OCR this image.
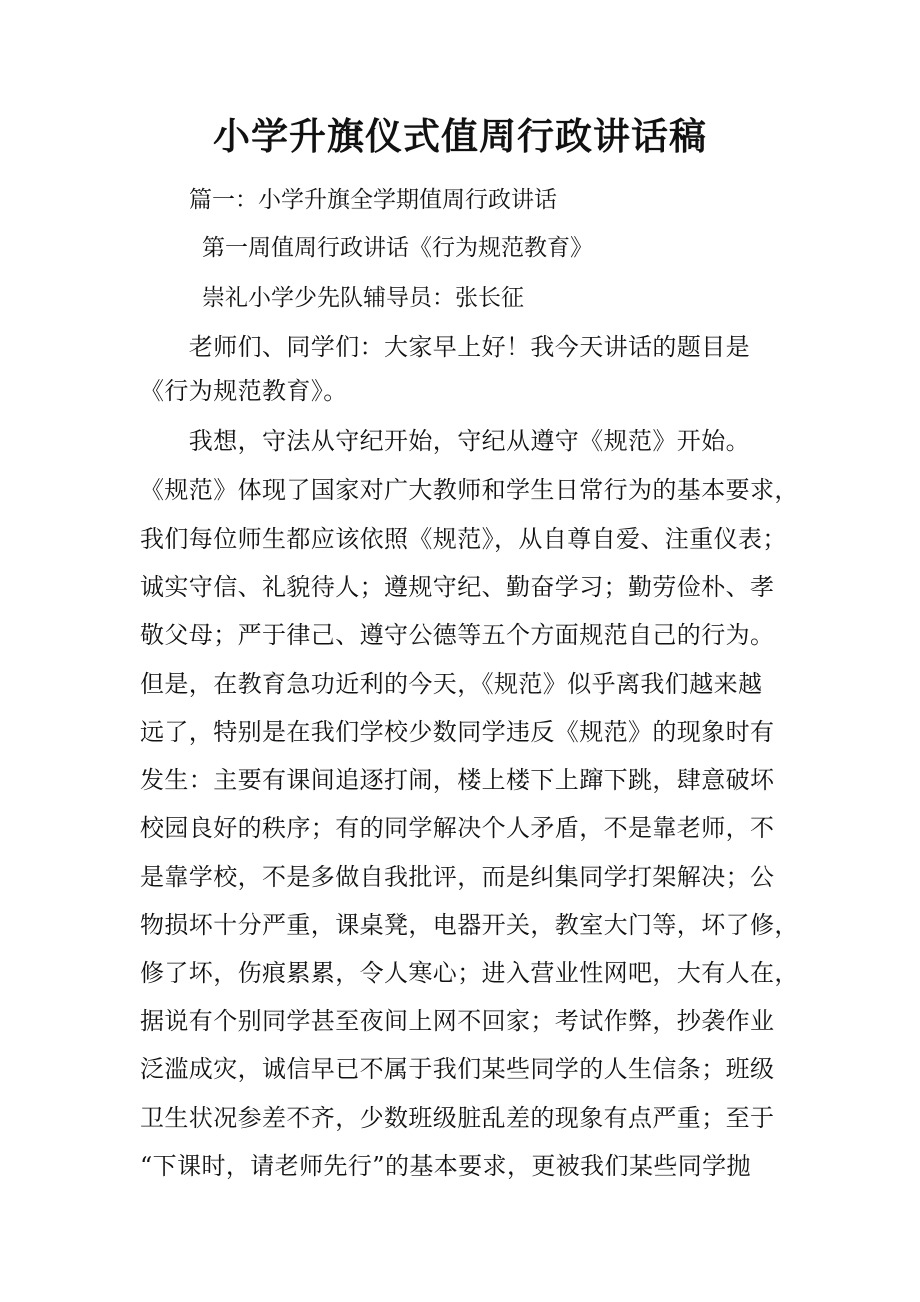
小学升旗仪式值周行政讲话稿
篇一：小学升旗全学期值周行政讲话
第一周值周行政讲话《行为规范教育》
崇礼小学少先队辅导员：张长征
　　老师们、同学们：大家早上好！我今天讲话的题目是
《行为规范教育》。
　　我想，守法从守纪开始，守纪从遵守《规范》开始。
《规范》体现了国家对广大教师和学生日常行为的基本要求，
我们每位师生都应该依照《规范》，从自尊自爱、注重仪表；
诚实守信、礼貌待人；遵规守纪、勤奋学习；勤劳俭朴、孝
敬父母；严于律己、遵守公德等五个方面规范自己的行为。
但是，在教育急功近利的今天，《规范》似乎离我们越来越
远了，特别是在我们学校少数同学违反《规范》的现象时有
发生：主要有课间追逐打闹，楼上楼下上蹿下跳，肆意破坏
校园良好的秩序；有的同学解决个人矛盾，不是靠老师，不
是靠学校，不是多做自我批评，而是纠集同学打架解决；公
物损坏十分严重，课桌凳，电器开关，教室大门等，坏了修，
修了坏，伤痕累累，令人寒心；进入营业性网吧，大有人在，
据说有个别同学甚至夜间上网不回家；考试作弊，抄袭作业
泛滥成灾，诚信早已不属于我们某些同学的人生信条；班级
卫生状况参差不齐，少数班级脏乱差的现象有点严重；至于
“下课时，请老师先行”的基本要求，更被我们某些同学抛
